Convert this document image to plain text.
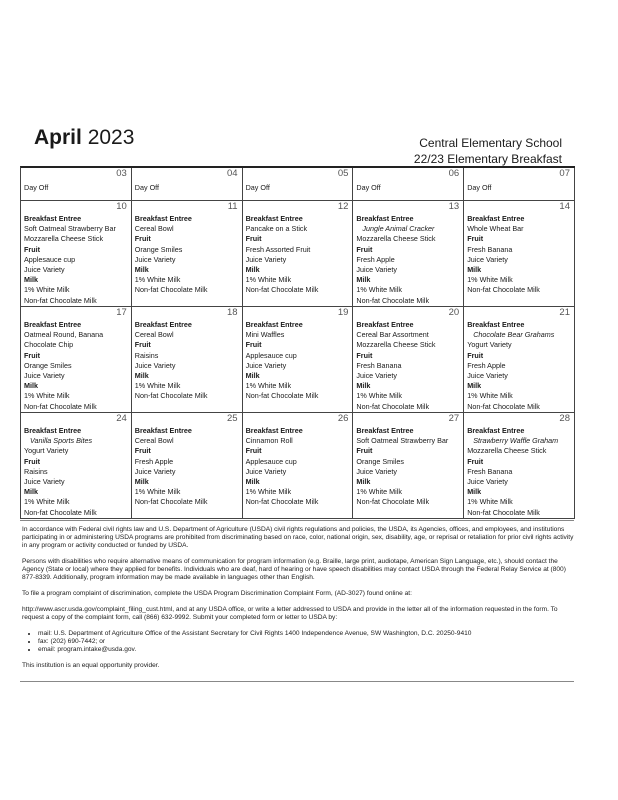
April 2023	Central Elementary School
22/23 Elementary Breakfast
03
Day Off
04
Day Off
05
Day Off
06
Day Off
07
Day Off
10
Breakfast Entree
Soft Oatmeal Strawberry Bar
Mozzarella Cheese Stick
Fruit
Applesauce cup
Juice Variety
Milk
1% White Milk
Non-fat Chocolate Milk
11
Breakfast Entree
Cereal Bowl
Fruit
Orange Smiles
Juice Variety
Milk
1% White Milk
Non-fat Chocolate Milk
12
Breakfast Entree
Pancake on a Stick
Fruit
Fresh Assorted Fruit
Juice Variety
Milk
1% White Milk
Non-fat Chocolate Milk
13
Breakfast Entree
Jungle Animal Cracker
Mozzarella Cheese Stick
Fruit
Fresh Apple
Juice Variety
Milk
1% White Milk
Non-fat Chocolate Milk
14
Breakfast Entree
Whole Wheat Bar
Fruit
Fresh Banana
Juice Variety
Milk
1% White Milk
Non-fat Chocolate Milk
17
Breakfast Entree
Oatmeal Round, Banana
Chocolate Chip
Fruit
Orange Smiles
Juice Variety
Milk
1% White Milk
Non-fat Chocolate Milk
18
Breakfast Entree
Cereal Bowl
Fruit
Raisins
Juice Variety
Milk
1% White Milk
Non-fat Chocolate Milk
19
Breakfast Entree
Mini Waffles
Fruit
Applesauce cup
Juice Variety
Milk
1% White Milk
Non-fat Chocolate Milk
20
Breakfast Entree
Cereal Bar Assortment
Mozzarella Cheese Stick
Fruit
Fresh Banana
Juice Variety
Milk
1% White Milk
Non-fat Chocolate Milk
21
Breakfast Entree
Chocolate Bear Grahams
Yogurt Variety
Fruit
Fresh Apple
Juice Variety
Milk
1% White Milk
Non-fat Chocolate Milk
24
Breakfast Entree
Vanilla Sports Bites
Yogurt Variety
Fruit
Raisins
Juice Variety
Milk
1% White Milk
Non-fat Chocolate Milk
25
Breakfast Entree
Cereal Bowl
Fruit
Fresh Apple
Juice Variety
Milk
1% White Milk
Non-fat Chocolate Milk
26
Breakfast Entree
Cinnamon Roll
Fruit
Applesauce cup
Juice Variety
Milk
1% White Milk
Non-fat Chocolate Milk
27
Breakfast Entree
Soft Oatmeal Strawberry Bar
Fruit
Orange Smiles
Juice Variety
Milk
1% White Milk
Non-fat Chocolate Milk
28
Breakfast Entree
Strawberry Waffle Graham
Mozzarella Cheese Stick
Fruit
Fresh Banana
Juice Variety
Milk
1% White Milk
Non-fat Chocolate Milk

In accordance with Federal civil rights law and U.S. Department of Agriculture (USDA) civil rights regulations and policies, the USDA, its Agencies, offices, and employees, and institutions participating in or administering USDA programs are prohibited from discriminating based on race, color, national origin, sex, disability, age, or reprisal or retaliation for prior civil rights activity in any program or activity conducted or funded by USDA.

Persons with disabilities who require alternative means of communication for program information (e.g. Braille, large print, audiotape, American Sign Language, etc.), should contact the Agency (State or local) where they applied for benefits. Individuals who are deaf, hard of hearing or have speech disabilities may contact USDA through the Federal Relay Service at (800) 877-8339. Additionally, program information may be made available in languages other than English.

To file a program complaint of discrimination, complete the USDA Program Discrimination Complaint Form, (AD-3027) found online at:

http://www.ascr.usda.gov/complaint_filing_cust.html, and at any USDA office, or write a letter addressed to USDA and provide in the letter all of the information requested in the form. To request a copy of the complaint form, call (866) 632-9992. Submit your completed form or letter to USDA by:

• mail: U.S. Department of Agriculture Office of the Assistant Secretary for Civil Rights 1400 Independence Avenue, SW Washington, D.C. 20250-9410
• fax: (202) 690-7442; or
• email: program.intake@usda.gov.

This institution is an equal opportunity provider.
